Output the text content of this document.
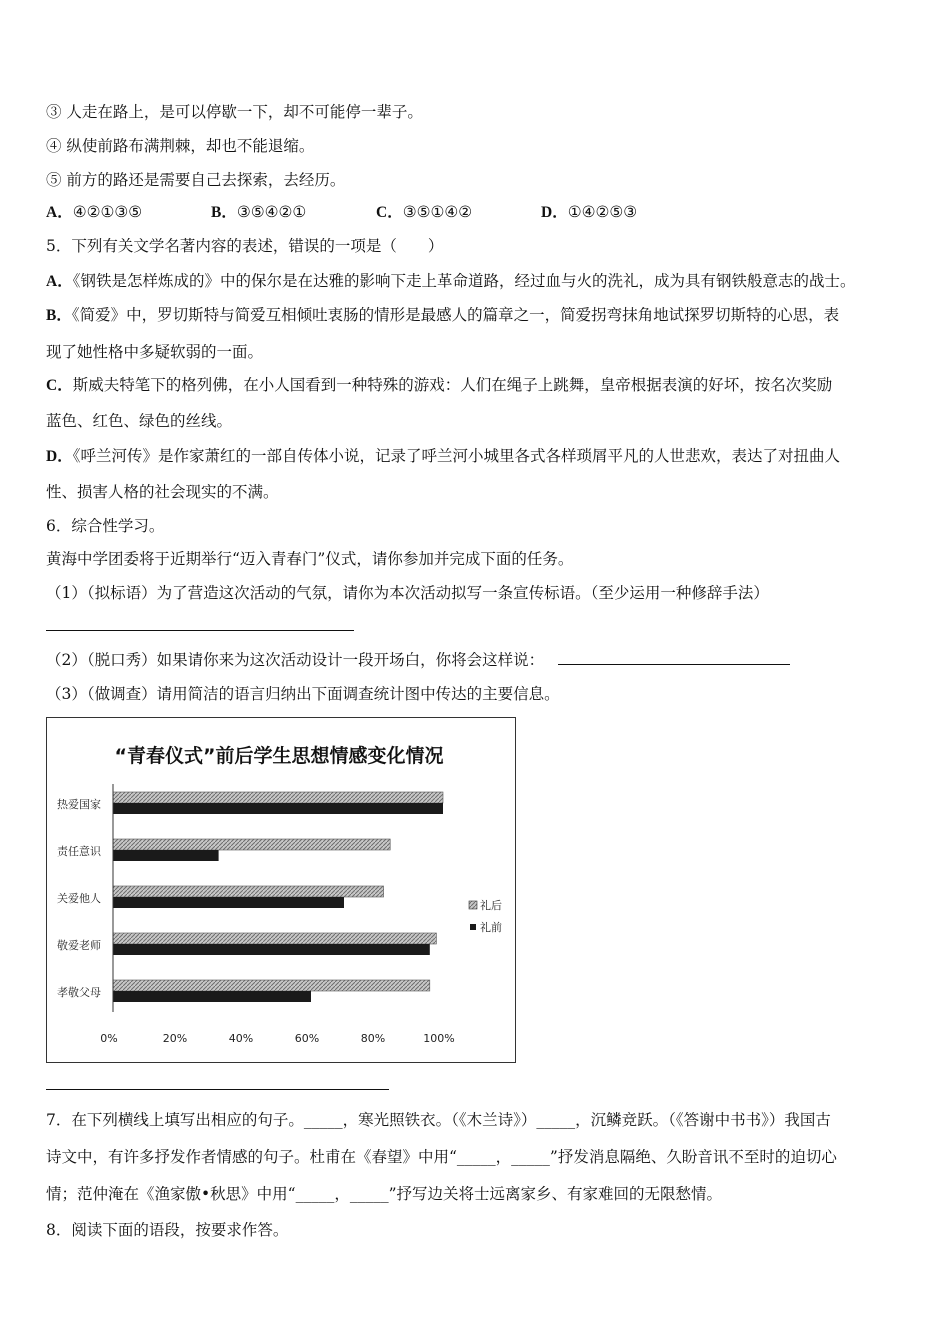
③ 人走在路上，是可以停歇一下，却不可能停一辈子。
④ 纵使前路布满荆棘，却也不能退缩。
⑤ 前方的路还是需要自己去探索，去经历。
A．④②①③⑤	B．③⑤④②①	C．③⑤①④②	D．①④②⑤③
5．下列有关文学名著内容的表述，错误的一项是（　　）
A．《钢铁是怎样炼成的》中的保尔是在达雅的影响下走上革命道路，经过血与火的洗礼，成为具有钢铁般意志的战士。
B．《简爱》中，罗切斯特与简爱互相倾吐衷肠的情形是最感人的篇章之一，简爱拐弯抹角地试探罗切斯特的心思，表
现了她性格中多疑软弱的一面。
C．斯威夫特笔下的格列佛，在小人国看到一种特殊的游戏：人们在绳子上跳舞，皇帝根据表演的好坏，按名次奖励
蓝色、红色、绿色的丝线。
D．《呼兰河传》是作家萧红的一部自传体小说，记录了呼兰河小城里各式各样琐屑平凡的人世悲欢，表达了对扭曲人
性、损害人格的社会现实的不满。
6．综合性学习。
黄海中学团委将于近期举行“迈入青春门”仪式，请你参加并完成下面的任务。
（1）（拟标语）为了营造这次活动的气氛，请你为本次活动拟写一条宣传标语。（至少运用一种修辞手法）
（2）（脱口秀）如果请你来为这次活动设计一段开场白，你将会这样说：
（3）（做调查）请用简洁的语言归纳出下面调查统计图中传达的主要信息。
“青春仪式”前后学生思想情感变化情况
热爱国家
责任意识
关爱他人
敬爱老师
孝敬父母
0%	20%	40%	60%	80%	100%
礼后
礼前
7．在下列横线上填写出相应的句子。_____，寒光照铁衣。（《木兰诗》）_____，沉鳞竞跃。（《答谢中书书》）我国古
诗文中，有许多抒发作者情感的句子。杜甫在《春望》中用“_____，_____”抒发消息隔绝、久盼音讯不至时的迫切心
情；范仲淹在《渔家傲•秋思》中用“_____，_____”抒写边关将士远离家乡、有家难回的无限愁情。
8．阅读下面的语段，按要求作答。
